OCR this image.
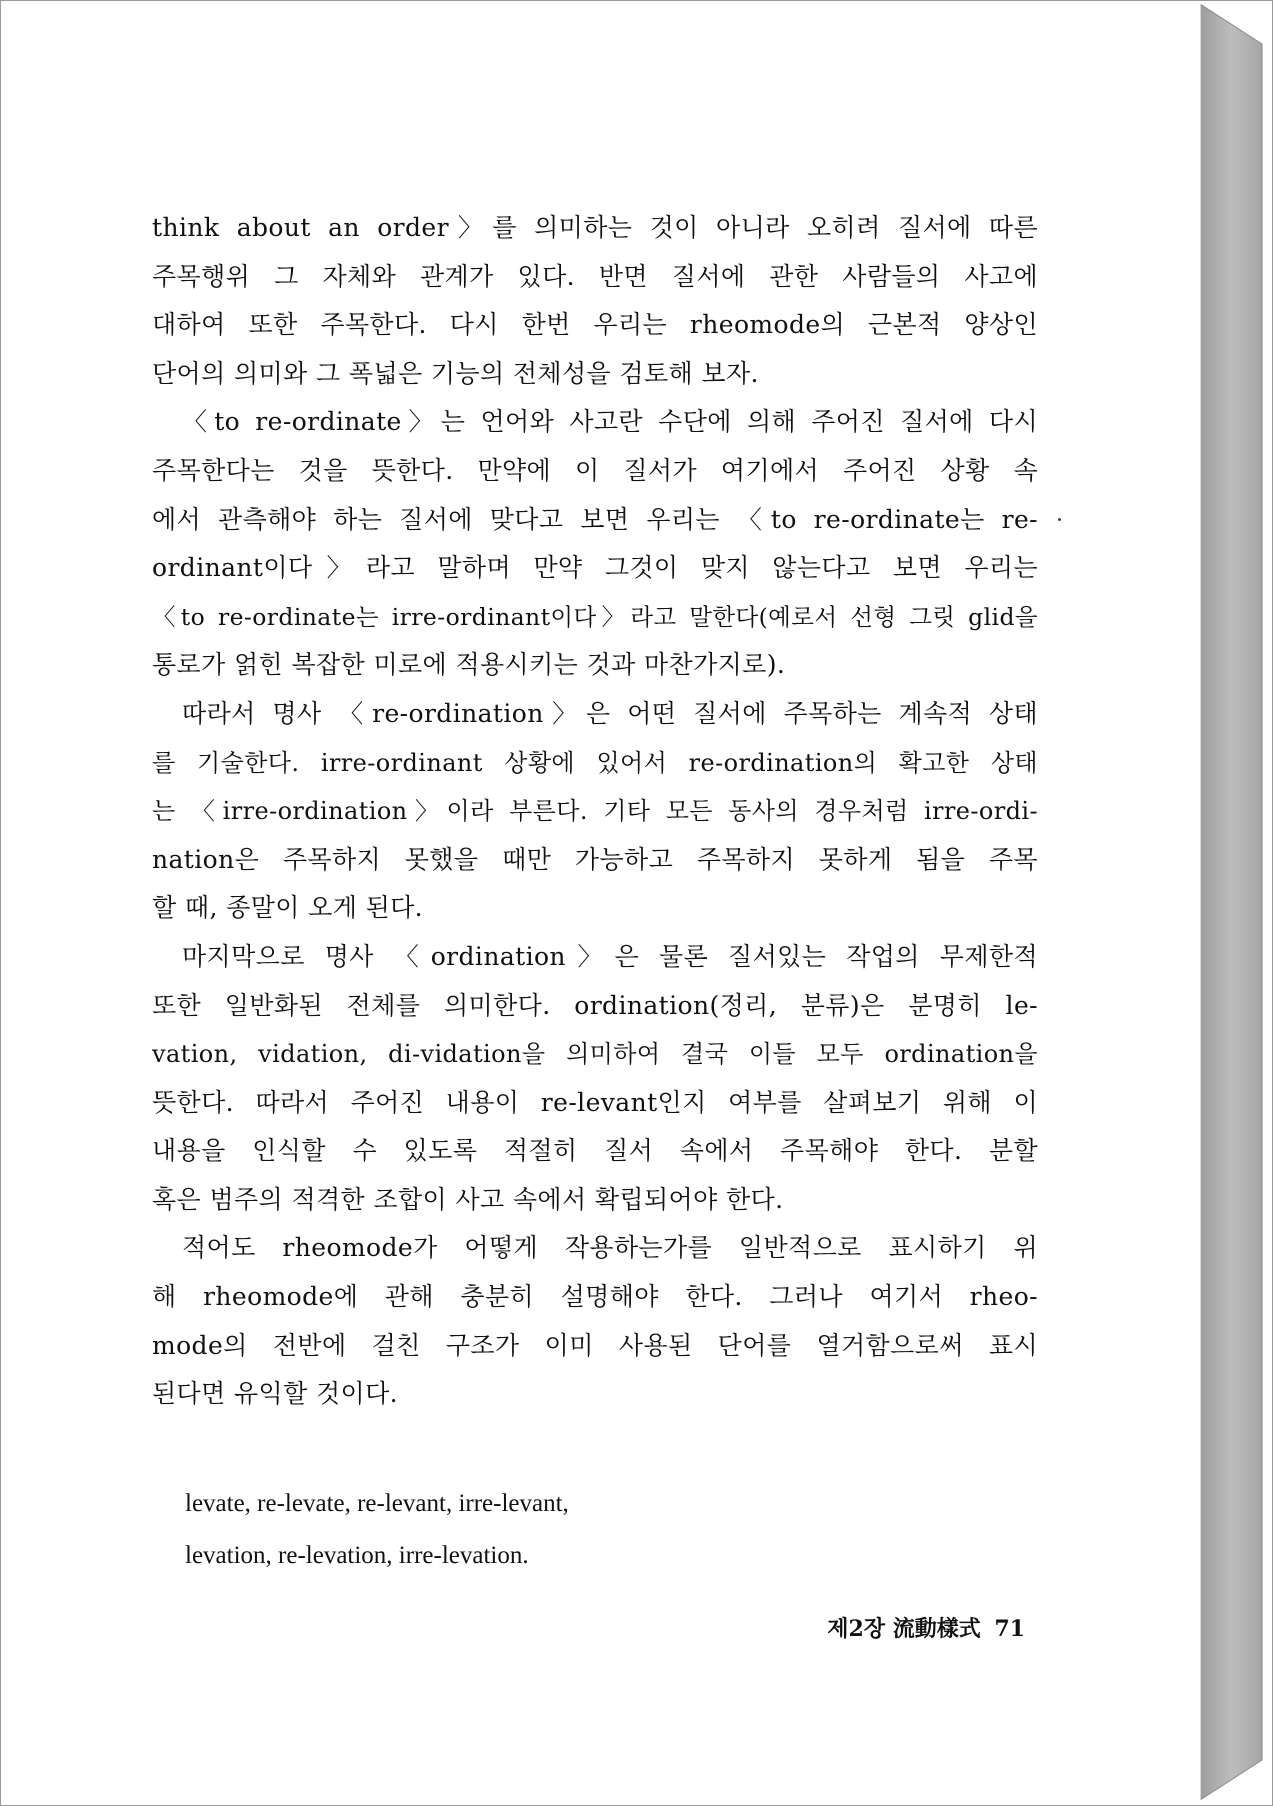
think about an order〉를 의미하는 것이 아니라 오히려 질서에 따른
주목행위 그 자체와 관계가 있다. 반면 질서에 관한 사람들의 사고에
대하여 또한 주목한다. 다시 한번 우리는 rheomode의 근본적 양상인
단어의 의미와 그 폭넓은 기능의 전체성을 검토해 보자.
〈to re-ordinate〉는 언어와 사고란 수단에 의해 주어진 질서에 다시
주목한다는 것을 뜻한다. 만약에 이 질서가 여기에서 주어진 상황 속
에서 관측해야 하는 질서에 맞다고 보면 우리는 〈to re-ordinate는 re-
ordinant이다〉라고 말하며 만약 그것이 맞지 않는다고 보면 우리는
〈to re-ordinate는 irre-ordinant이다〉라고 말한다(예로서 선형 그릿 glid을
통로가 얽힌 복잡한 미로에 적용시키는 것과 마찬가지로).
따라서 명사 〈re-ordination〉은 어떤 질서에 주목하는 계속적 상태
를 기술한다. irre-ordinant 상황에 있어서 re-ordination의 확고한 상태
는 〈irre-ordination〉이라 부른다. 기타 모든 동사의 경우처럼 irre-ordi-
nation은 주목하지 못했을 때만 가능하고 주목하지 못하게 됨을 주목
할 때, 종말이 오게 된다.
마지막으로 명사 〈ordination〉은 물론 질서있는 작업의 무제한적
또한 일반화된 전체를 의미한다. ordination(정리, 분류)은 분명히 le-
vation, vidation, di-vidation을 의미하여 결국 이들 모두 ordination을
뜻한다. 따라서 주어진 내용이 re-levant인지 여부를 살펴보기 위해 이
내용을 인식할 수 있도록 적절히 질서 속에서 주목해야 한다. 분할
혹은 범주의 적격한 조합이 사고 속에서 확립되어야 한다.
적어도 rheomode가 어떻게 작용하는가를 일반적으로 표시하기 위
해 rheomode에 관해 충분히 설명해야 한다. 그러나 여기서 rheo-
mode의 전반에 걸친 구조가 이미 사용된 단어를 열거함으로써 표시
된다면 유익할 것이다.
levate, re-levate, re-levant, irre-levant,
levation, re-levation, irre-levation.
제2장 流動樣式 71
